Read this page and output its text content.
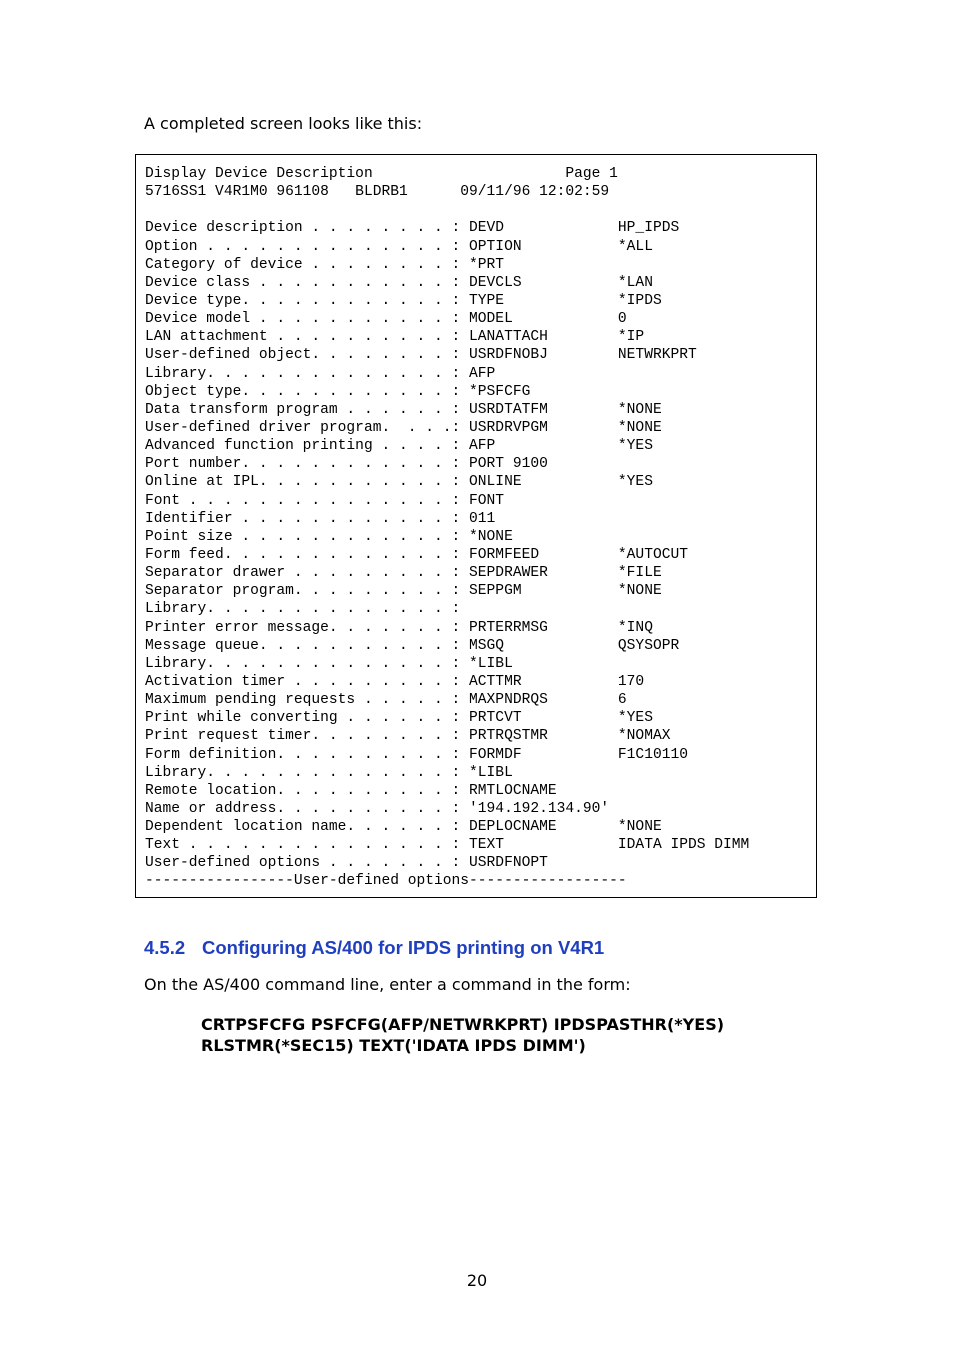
A completed screen looks like this:

Display Device Description                      Page 1
5716SS1 V4R1M0 961108   BLDRB1      09/11/96 12:02:59
Device description . . . . . . . . : DEVD             HP_IPDS
Option . . . . . . . . . . . . . . : OPTION           *ALL
Category of device . . . . . . . . : *PRT
Device class . . . . . . . . . . . : DEVCLS           *LAN
Device type. . . . . . . . . . . . : TYPE             *IPDS
Device model . . . . . . . . . . . : MODEL            0
LAN attachment . . . . . . . . . . : LANATTACH        *IP
User-defined object. . . . . . . . : USRDFNOBJ        NETWRKPRT
Library. . . . . . . . . . . . . . : AFP
Object type. . . . . . . . . . . . : *PSFCFG
Data transform program . . . . . . : USRDTATFM        *NONE
User-defined driver program.  . . .: USRDRVPGM        *NONE
Advanced function printing . . . . : AFP              *YES
Port number. . . . . . . . . . . . : PORT 9100
Online at IPL. . . . . . . . . . . : ONLINE           *YES
Font . . . . . . . . . . . . . . . : FONT
Identifier . . . . . . . . . . . . : 011
Point size . . . . . . . . . . . . : *NONE
Form feed. . . . . . . . . . . . . : FORMFEED         *AUTOCUT
Separator drawer . . . . . . . . . : SEPDRAWER        *FILE
Separator program. . . . . . . . . : SEPPGM           *NONE
Library. . . . . . . . . . . . . . :
Printer error message. . . . . . . : PRTERRMSG        *INQ
Message queue. . . . . . . . . . . : MSGQ             QSYSOPR
Library. . . . . . . . . . . . . . : *LIBL
Activation timer . . . . . . . . . : ACTTMR           170
Maximum pending requests . . . . . : MAXPNDRQS        6
Print while converting . . . . . . : PRTCVT           *YES
Print request timer. . . . . . . . : PRTRQSTMR        *NOMAX
Form definition. . . . . . . . . . : FORMDF           F1C10110
Library. . . . . . . . . . . . . . : *LIBL
Remote location. . . . . . . . . . : RMTLOCNAME
Name or address. . . . . . . . . . : '194.192.134.90'
Dependent location name. . . . . . : DEPLOCNAME       *NONE
Text . . . . . . . . . . . . . . . : TEXT             IDATA IPDS DIMM
User-defined options . . . . . . . : USRDFNOPT
-----------------User-defined options------------------
4.5.2 Configuring AS/400 for IPDS printing on V4R1

On the AS/400 command line, enter a command in the form:

CRTPSFCFG PSFCFG(AFP/NETWRKPRT) IPDSPASTHR(*YES)
RLSTMR(*SEC15) TEXT('IDATA IPDS DIMM')

20
